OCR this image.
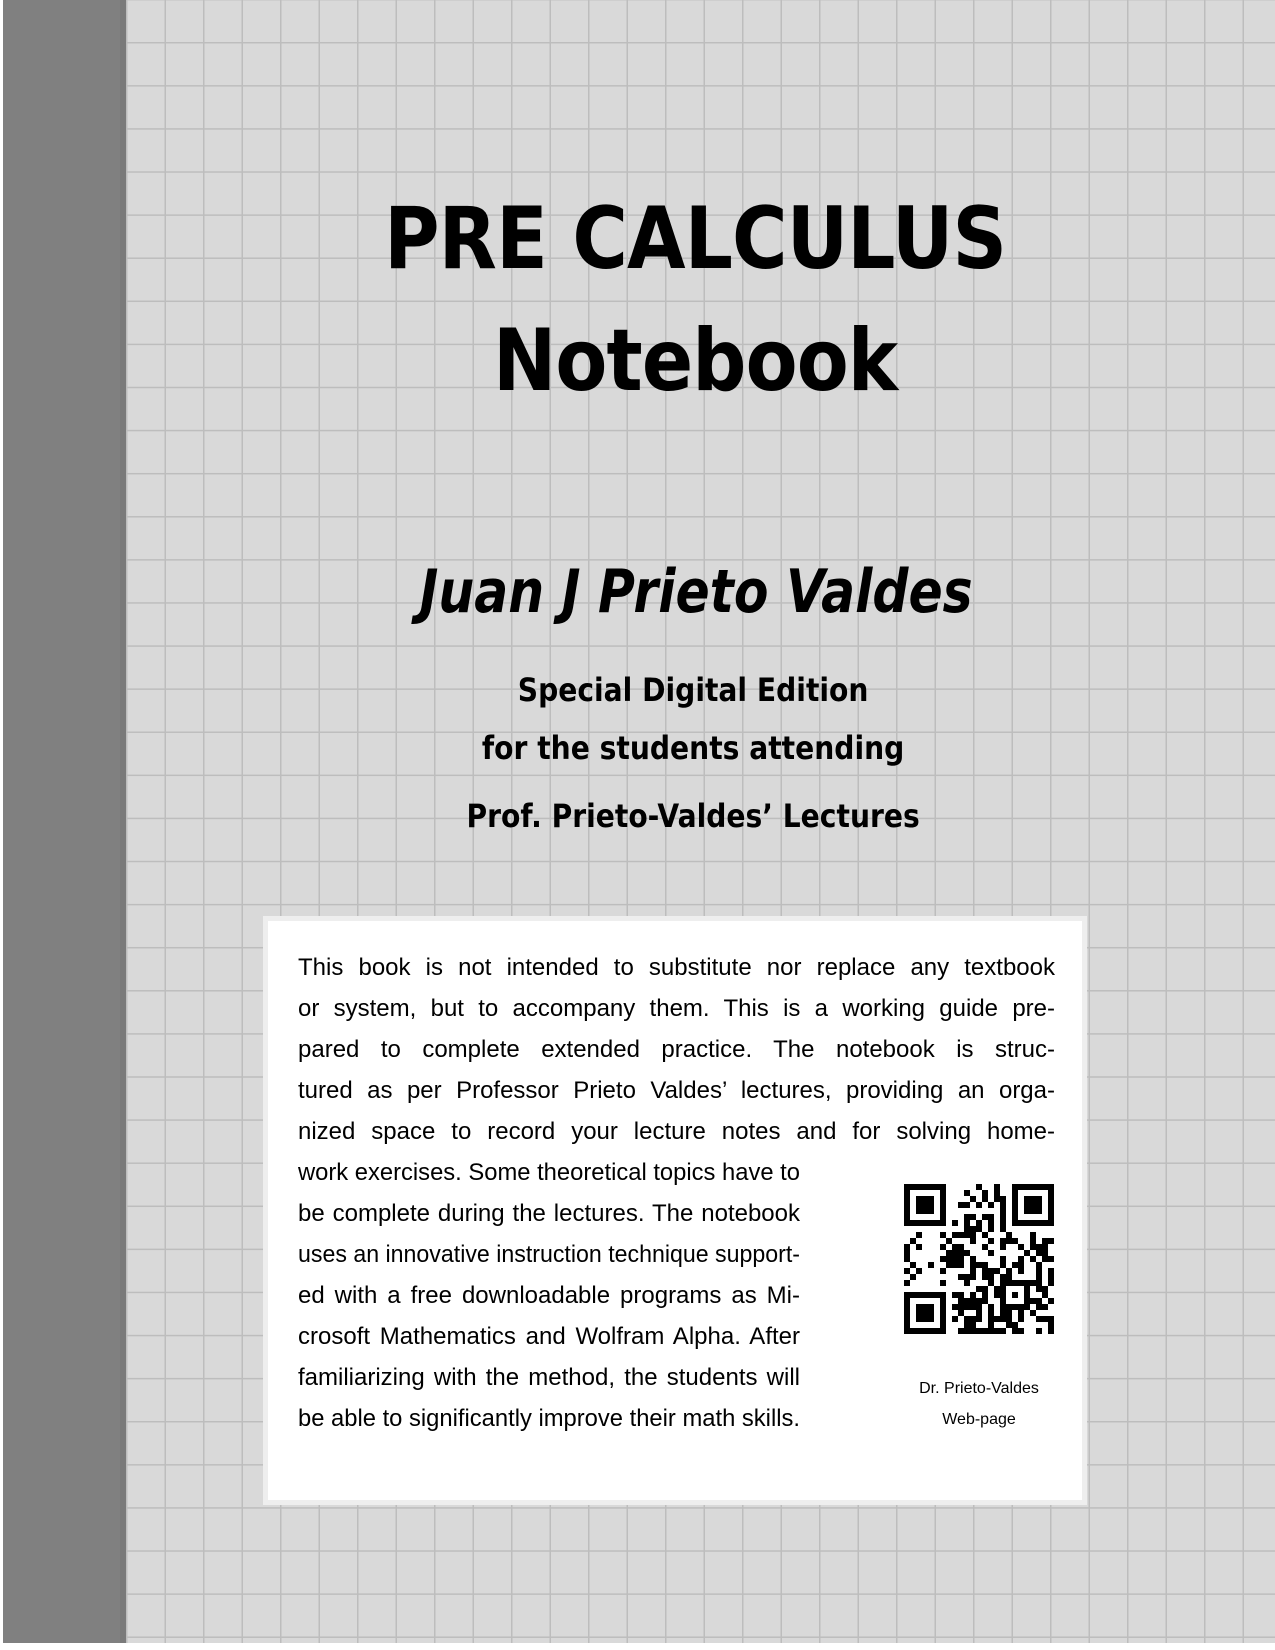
PRE CALCULUS
Notebook
Juan J Prieto Valdes
Special Digital Edition
for the students attending
Prof. Prieto-Valdes’ Lectures
This book is not intended to substitute nor replace any textbook
or system, but to accompany them. This is a working guide pre-
pared to complete extended practice. The notebook is struc-
tured as per Professor Prieto Valdes’ lectures, providing an orga-
nized space to record your lecture notes and for solving home-
work exercises. Some theoretical topics have to
be complete during the lectures. The notebook
uses an innovative instruction technique support-
ed with a free downloadable programs as Mi-
crosoft Mathematics and Wolfram Alpha. After
familiarizing with the method, the students will
be able to significantly improve their math skills.
Dr. Prieto-Valdes
Web-page
